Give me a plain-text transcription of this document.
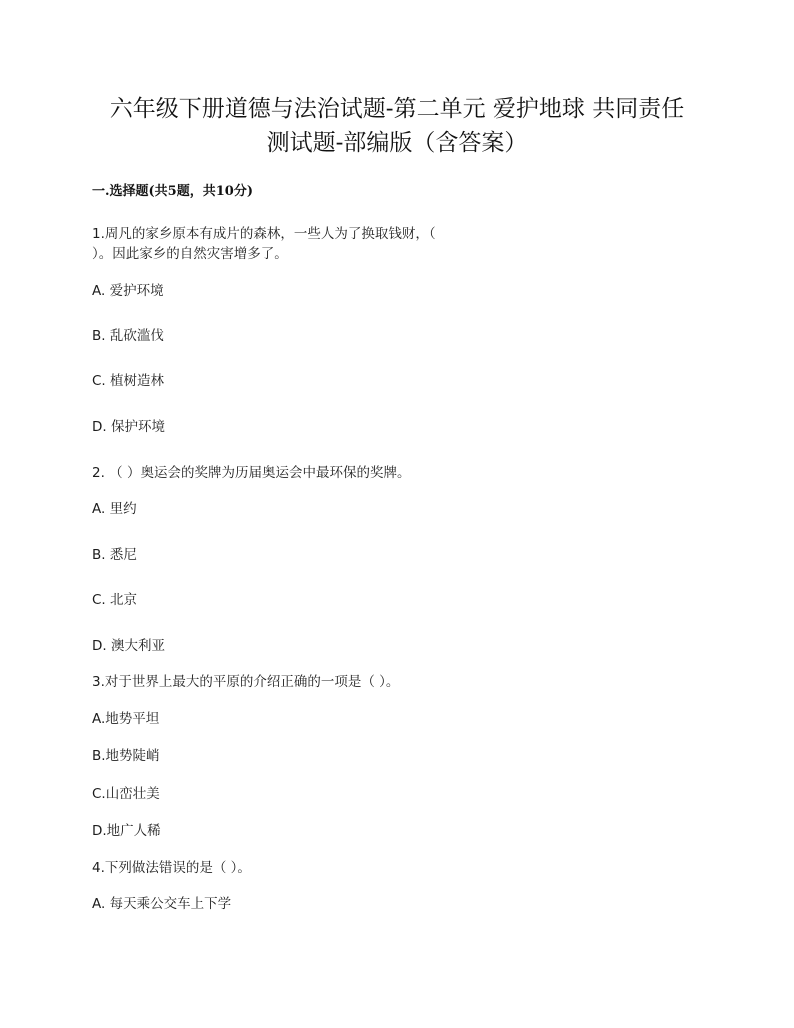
六年级下册道德与法治试题-第二单元 爱护地球 共同责任
测试题-部编版（含答案）
一.选择题(共5题，共10分)
1.周凡的家乡原本有成片的森林，一些人为了换取钱财，（
）。因此家乡的自然灾害增多了。
A. 爱护环境
B. 乱砍滥伐
C. 植树造林
D. 保护环境
2. （ ）奥运会的奖牌为历届奥运会中最环保的奖牌。
A. 里约
B. 悉尼
C. 北京
D. 澳大利亚
3.对于世界上最大的平原的介绍正确的一项是（ ）。
A.地势平坦
B.地势陡峭
C.山峦壮美
D.地广人稀
4.下列做法错误的是（ ）。
A. 每天乘公交车上下学
